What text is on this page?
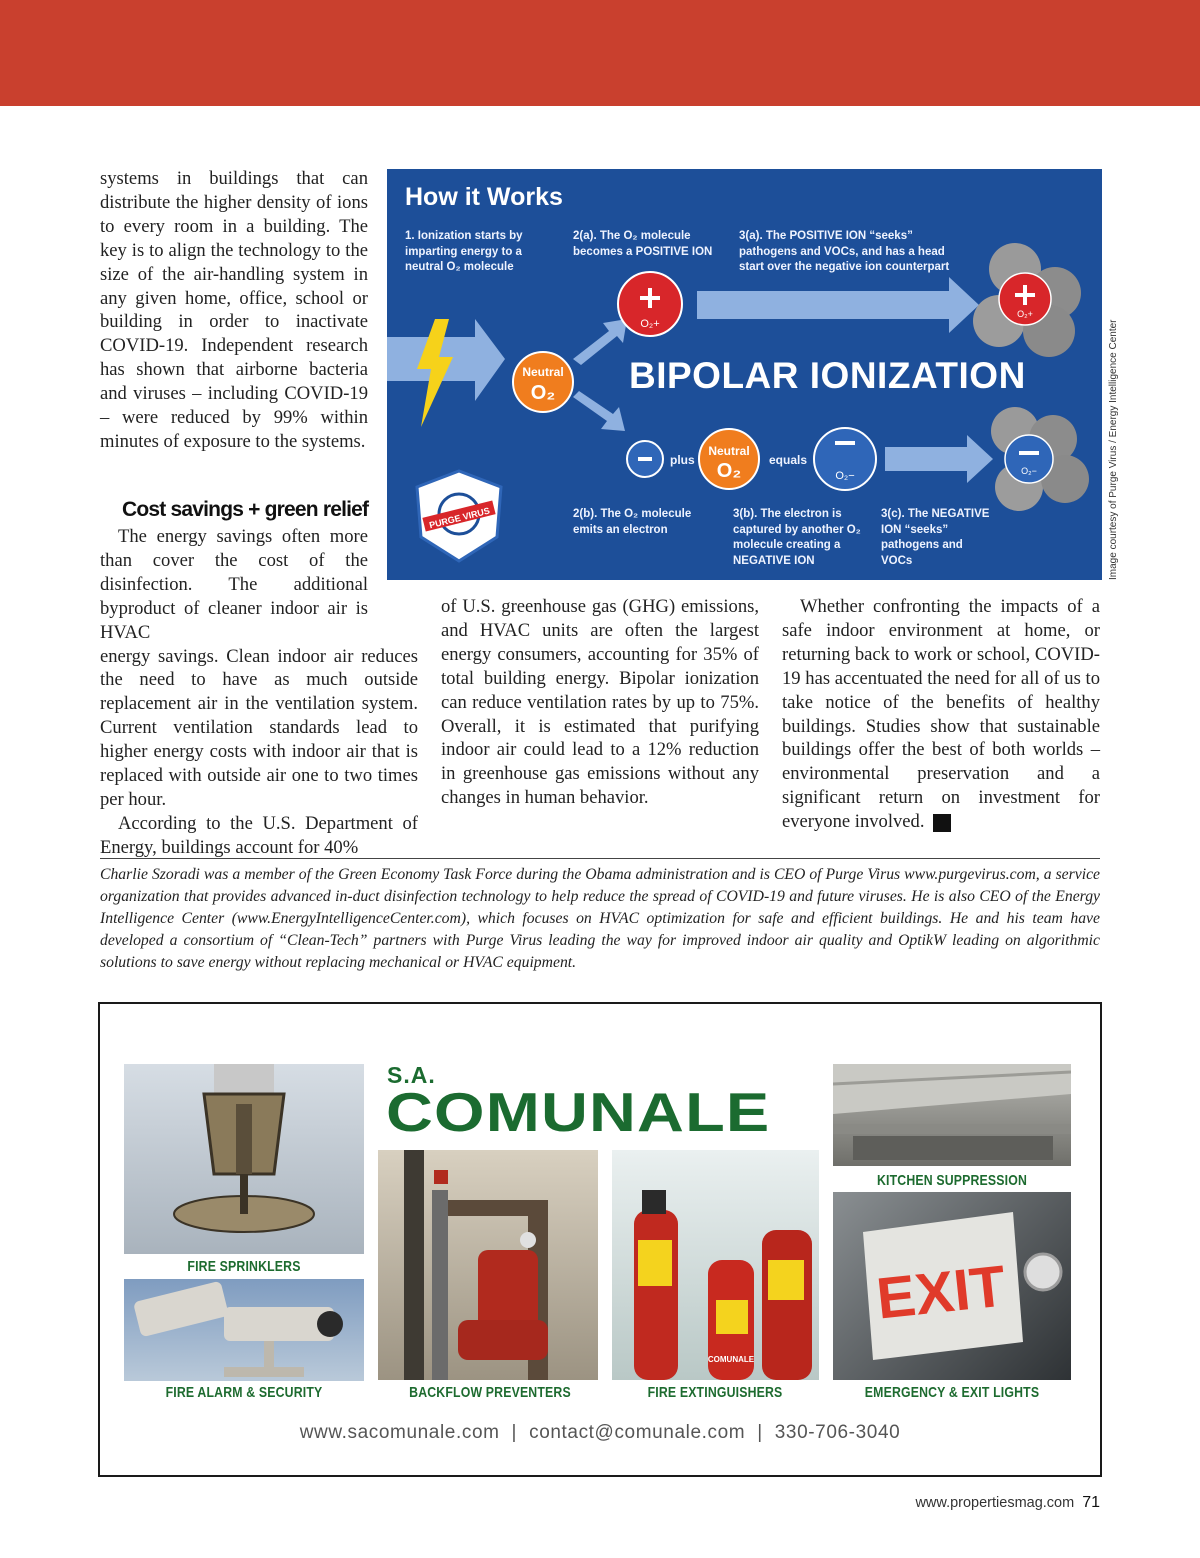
systems in buildings that can distribute the higher density of ions to every room in a building. The key is to align the technology to the size of the air-handling system in any given home, office, school or building in order to inactivate COVID-19. Independent research has shown that airborne bacteria and viruses – including COVID-19 – were reduced by 99% within minutes of exposure to the systems.

Cost savings + green relief

The energy savings often more than cover the cost of the disinfection. The additional byproduct of cleaner indoor air is HVAC

energy savings. Clean indoor air reduces the need to have as much outside replacement air in the ventilation system. Current ventilation standards lead to higher energy costs with indoor air that is replaced with outside air one to two times per hour.

According to the U.S. Department of Energy, buildings account for 40%

of U.S. greenhouse gas (GHG) emissions, and HVAC units are often the largest energy consumers, accounting for 35% of total building energy. Bipolar ionization can reduce ventilation rates by up to 75%. Overall, it is estimated that purifying indoor air could lead to a 12% reduction in greenhouse gas emissions without any changes in human behavior.

Whether confronting the impacts of a safe indoor environment at home, or returning back to work or school, COVID-19 has accentuated the need for all of us to take notice of the benefits of healthy buildings. Studies show that sustainable buildings offer the best of both worlds – environmental preservation and a significant return on investment for everyone involved. P

PURGE VIRUS
Neutral
O₂
Neutral
O₂
O₂+
O₂+
O₂−	O₂−
How it Works
1. Ionization starts by imparting energy to a neutral O₂ molecule
2(a). The O₂ molecule becomes a POSITIVE ION
3(a). The POSITIVE ION “seeks” pathogens and VOCs, and has a head start over the negative ion counterpart
BIPOLAR IONIZATION
plus	equals
2(b). The O₂ molecule emits an electron
3(b). The electron is captured by another O₂ molecule creating a NEGATIVE ION
3(c). The NEGATIVE ION “seeks” pathogens and VOCs	Image courtesy of Purge Virus / Energy Intelligence Center

Charlie Szoradi was a member of the Green Economy Task Force during the Obama administration and is CEO of Purge Virus www.purgevirus.com, a service organization that provides advanced in-duct disinfection technology to help reduce the spread of COVID-19 and future viruses. He is also CEO of the Energy Intelligence Center (www.EnergyIntelligenceCenter.com), which focuses on HVAC optimization for safe and efficient buildings. He and his team have developed a consortium of “Clean-Tech” partners with Purge Virus leading the way for improved indoor air quality and OptikW leading on algorithmic solutions to save energy without replacing mechanical or HVAC equipment.

FIRE SPRINKLERS
FIRE ALARM & SECURITY
S.A.
COMUNALE
BACKFLOW PREVENTERS
COMUNALE
FIRE EXTINGUISHERS
KITCHEN SUPPRESSION
EXIT
EMERGENCY & EXIT LIGHTS
www.sacomunale.com | contact@comunale.com | 330-706-3040
www.propertiesmag.com 71
